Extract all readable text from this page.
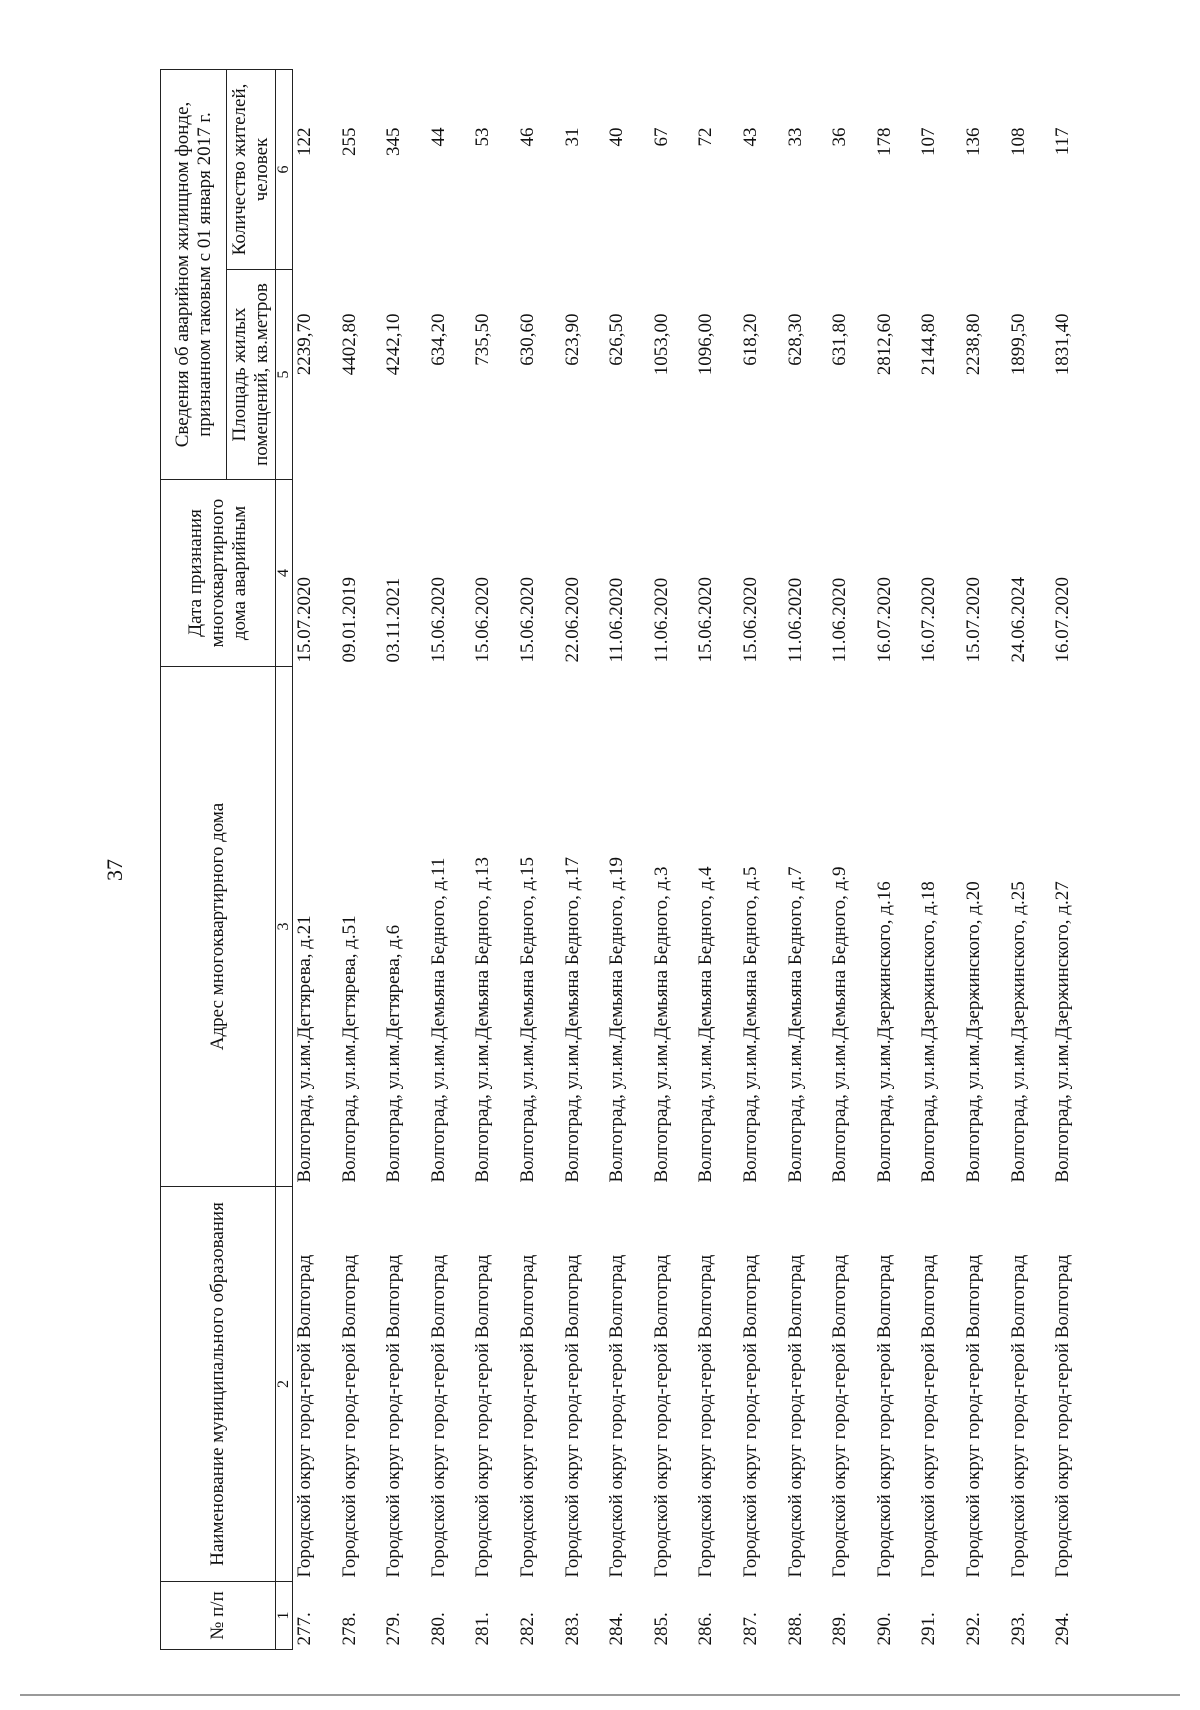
37
№ п/п	Наименование муниципального образования	Адрес многоквартирного дома	Дата признания многоквартирного дома аварийным	Сведения об аварийном жилищном фонде, признанном таковым с 01 января 2017 г.	
				Площадь жилых помещений, кв.метров	Количество жителей, человек
1	2	3	4	5	6
277.	Городской округ город-герой Волгоград	Волгоград, ул.им.Дегтярева, д.21	15.07.2020	2239,70	122
278.	Городской округ город-герой Волгоград	Волгоград, ул.им.Дегтярева, д.51	09.01.2019	4402,80	255
279.	Городской округ город-герой Волгоград	Волгоград, ул.им.Дегтярева, д.6	03.11.2021	4242,10	345
280.	Городской округ город-герой Волгоград	Волгоград, ул.им.Демьяна Бедного, д.11	15.06.2020	634,20	44
281.	Городской округ город-герой Волгоград	Волгоград, ул.им.Демьяна Бедного, д.13	15.06.2020	735,50	53
282.	Городской округ город-герой Волгоград	Волгоград, ул.им.Демьяна Бедного, д.15	15.06.2020	630,60	46
283.	Городской округ город-герой Волгоград	Волгоград, ул.им.Демьяна Бедного, д.17	22.06.2020	623,90	31
284.	Городской округ город-герой Волгоград	Волгоград, ул.им.Демьяна Бедного, д.19	11.06.2020	626,50	40
285.	Городской округ город-герой Волгоград	Волгоград, ул.им.Демьяна Бедного, д.3	11.06.2020	1053,00	67
286.	Городской округ город-герой Волгоград	Волгоград, ул.им.Демьяна Бедного, д.4	15.06.2020	1096,00	72
287.	Городской округ город-герой Волгоград	Волгоград, ул.им.Демьяна Бедного, д.5	15.06.2020	618,20	43
288.	Городской округ город-герой Волгоград	Волгоград, ул.им.Демьяна Бедного, д.7	11.06.2020	628,30	33
289.	Городской округ город-герой Волгоград	Волгоград, ул.им.Демьяна Бедного, д.9	11.06.2020	631,80	36
290.	Городской округ город-герой Волгоград	Волгоград, ул.им.Дзержинского, д.16	16.07.2020	2812,60	178
291.	Городской округ город-герой Волгоград	Волгоград, ул.им.Дзержинского, д.18	16.07.2020	2144,80	107
292.	Городской округ город-герой Волгоград	Волгоград, ул.им.Дзержинского, д.20	15.07.2020	2238,80	136
293.	Городской округ город-герой Волгоград	Волгоград, ул.им.Дзержинского, д.25	24.06.2024	1899,50	108
294.	Городской округ город-герой Волгоград	Волгоград, ул.им.Дзержинского, д.27	16.07.2020	1831,40	117
